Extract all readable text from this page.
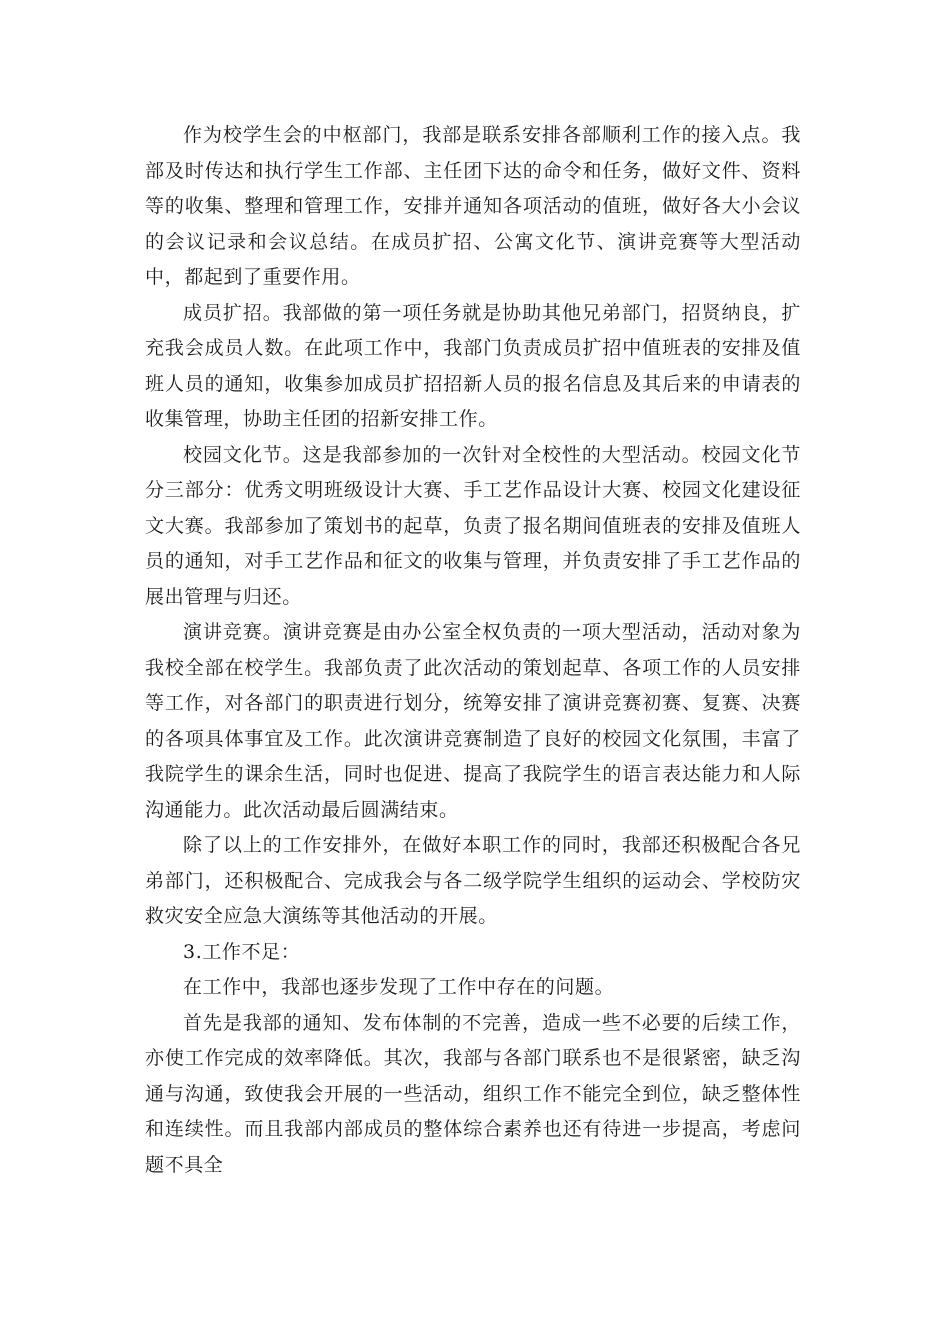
作为校学生会的中枢部门，我部是联系安排各部顺利工作的接入点。我部及时传达和执行学生工作部、主任团下达的命令和任务，做好文件、资料等的收集、整理和管理工作，安排并通知各项活动的值班，做好各大小会议的会议记录和会议总结。在成员扩招、公寓文化节、演讲竞赛等大型活动中，都起到了重要作用。

成员扩招。我部做的第一项任务就是协助其他兄弟部门，招贤纳良，扩充我会成员人数。在此项工作中，我部门负责成员扩招中值班表的安排及值班人员的通知，收集参加成员扩招招新人员的报名信息及其后来的申请表的收集管理，协助主任团的招新安排工作。

校园文化节。这是我部参加的一次针对全校性的大型活动。校园文化节分三部分：优秀文明班级设计大赛、手工艺作品设计大赛、校园文化建设征文大赛。我部参加了策划书的起草，负责了报名期间值班表的安排及值班人员的通知，对手工艺作品和征文的收集与管理，并负责安排了手工艺作品的展出管理与归还。

演讲竞赛。演讲竞赛是由办公室全权负责的一项大型活动，活动对象为我校全部在校学生。我部负责了此次活动的策划起草、各项工作的人员安排等工作，对各部门的职责进行划分，统筹安排了演讲竞赛初赛、复赛、决赛的各项具体事宜及工作。此次演讲竞赛制造了良好的校园文化氛围，丰富了我院学生的课余生活，同时也促进、提高了我院学生的语言表达能力和人际沟通能力。此次活动最后圆满结束。

除了以上的工作安排外，在做好本职工作的同时，我部还积极配合各兄弟部门，还积极配合、完成我会与各二级学院学生组织的运动会、学校防灾救灾安全应急大演练等其他活动的开展。

3.工作不足：

在工作中，我部也逐步发现了工作中存在的问题。

首先是我部的通知、发布体制的不完善，造成一些不必要的后续工作，亦使工作完成的效率降低。其次，我部与各部门联系也不是很紧密，缺乏沟通与沟通，致使我会开展的一些活动，组织工作不能完全到位，缺乏整体性和连续性。而且我部内部成员的整体综合素养也还有待进一步提高，考虑问题不具全
